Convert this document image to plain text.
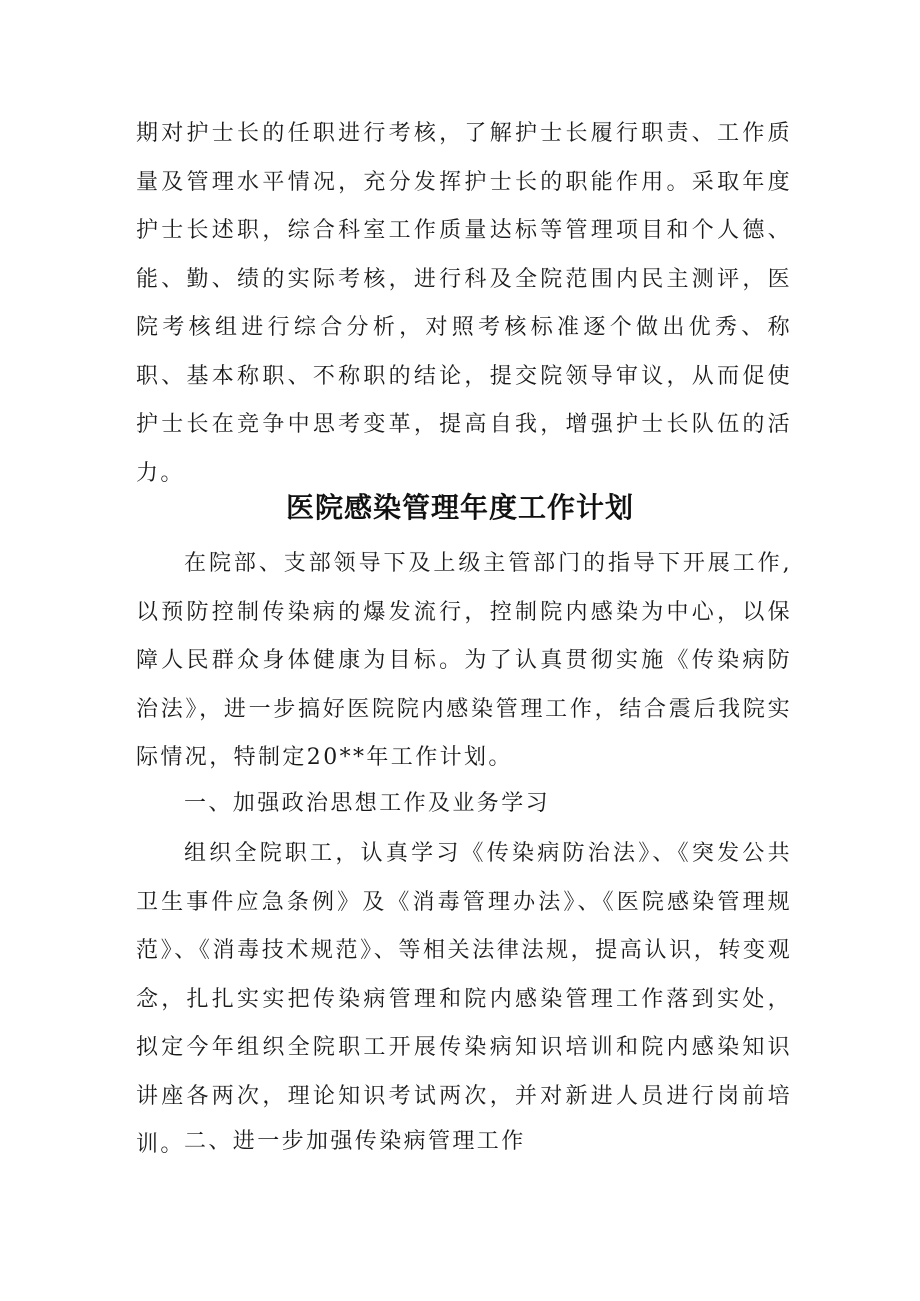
期对护士长的任职进行考核，了解护士长履行职责、工作质量及管理水平情况，充分发挥护士长的职能作用。采取年度护士长述职，综合科室工作质量达标等管理项目和个人德、能、勤、绩的实际考核，进行科及全院范围内民主测评，医院考核组进行综合分析，对照考核标准逐个做出优秀、称职、基本称职、不称职的结论，提交院领导审议，从而促使护士长在竞争中思考变革，提高自我，增强护士长队伍的活力。

医院感染管理年度工作计划

在院部、支部领导下及上级主管部门的指导下开展工作,以预防控制传染病的爆发流行，控制院内感染为中心，以保障人民群众身体健康为目标。为了认真贯彻实施《传染病防治法》，进一步搞好医院院内感染管理工作，结合震后我院实际情况，特制定20**年工作计划。

一、加强政治思想工作及业务学习

组织全院职工，认真学习《传染病防治法》、《突发公共卫生事件应急条例》及《消毒管理办法》、《医院感染管理规范》、《消毒技术规范》、等相关法律法规，提高认识，转变观念，扎扎实实把传染病管理和院内感染管理工作落到实处，拟定今年组织全院职工开展传染病知识培训和院内感染知识讲座各两次，理论知识考试两次，并对新进人员进行岗前培训。 二、进一步加强传染病管理工作
